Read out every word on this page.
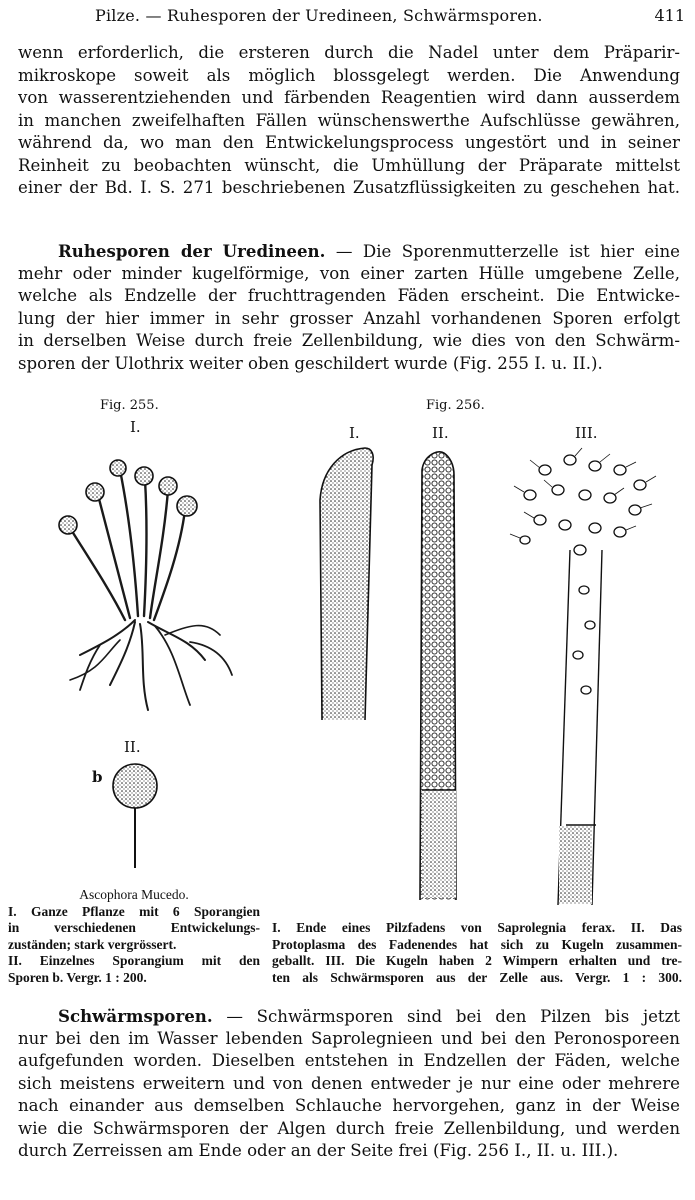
Pilze. — Ruhesporen der Uredineen, Schwärmsporen.	411
wenn erforderlich, die ersteren durch die Nadel unter dem Präparir-
mikroskope soweit als möglich blossgelegt werden. Die Anwendung
von wasserentziehenden und färbenden Reagentien wird dann ausserdem
in manchen zweifelhaften Fällen wünschenswerthe Aufschlüsse gewähren,
während da, wo man den Entwickelungsprocess ungestört und in seiner
Reinheit zu beobachten wünscht, die Umhüllung der Präparate mittelst
einer der Bd. I. S. 271 beschriebenen Zusatzflüssigkeiten zu geschehen hat.
Ruhesporen der Uredineen. — Die Sporenmutterzelle ist hier eine
mehr oder minder kugelförmige, von einer zarten Hülle umgebene Zelle,
welche als Endzelle der fruchttragenden Fäden erscheint. Die Entwicke-
lung der hier immer in sehr grosser Anzahl vorhandenen Sporen erfolgt
in derselben Weise durch freie Zellenbildung, wie dies von den Schwärm-
sporen der Ulothrix weiter oben geschildert wurde (Fig. 255 I. u. II.).
Fig. 255.	Fig. 256.
I.
II.
b
I.	II.	III.
Ascophora Mucedo.
I. Ganze Pflanze mit 6 Sporangien
in verschiedenen Entwickelungs-
zuständen; stark vergrössert.
II. Einzelnes Sporangium mit den
Sporen b. Vergr. 1 : 200.
I. Ende eines Pilzfadens von Saprolegnia ferax. II. Das
Protoplasma des Fadenendes hat sich zu Kugeln zusammen-
geballt. III. Die Kugeln haben 2 Wimpern erhalten und tre-
ten als Schwärmsporen aus der Zelle aus. Vergr. 1 : 300.
Schwärmsporen. — Schwärmsporen sind bei den Pilzen bis jetzt
nur bei den im Wasser lebenden Saprolegnieen und bei den Peronosporeen
aufgefunden worden. Dieselben entstehen in Endzellen der Fäden, welche
sich meistens erweitern und von denen entweder je nur eine oder mehrere
nach einander aus demselben Schlauche hervorgehen, ganz in der Weise
wie die Schwärmsporen der Algen durch freie Zellenbildung, und werden
durch Zerreissen am Ende oder an der Seite frei (Fig. 256 I., II. u. III.).
